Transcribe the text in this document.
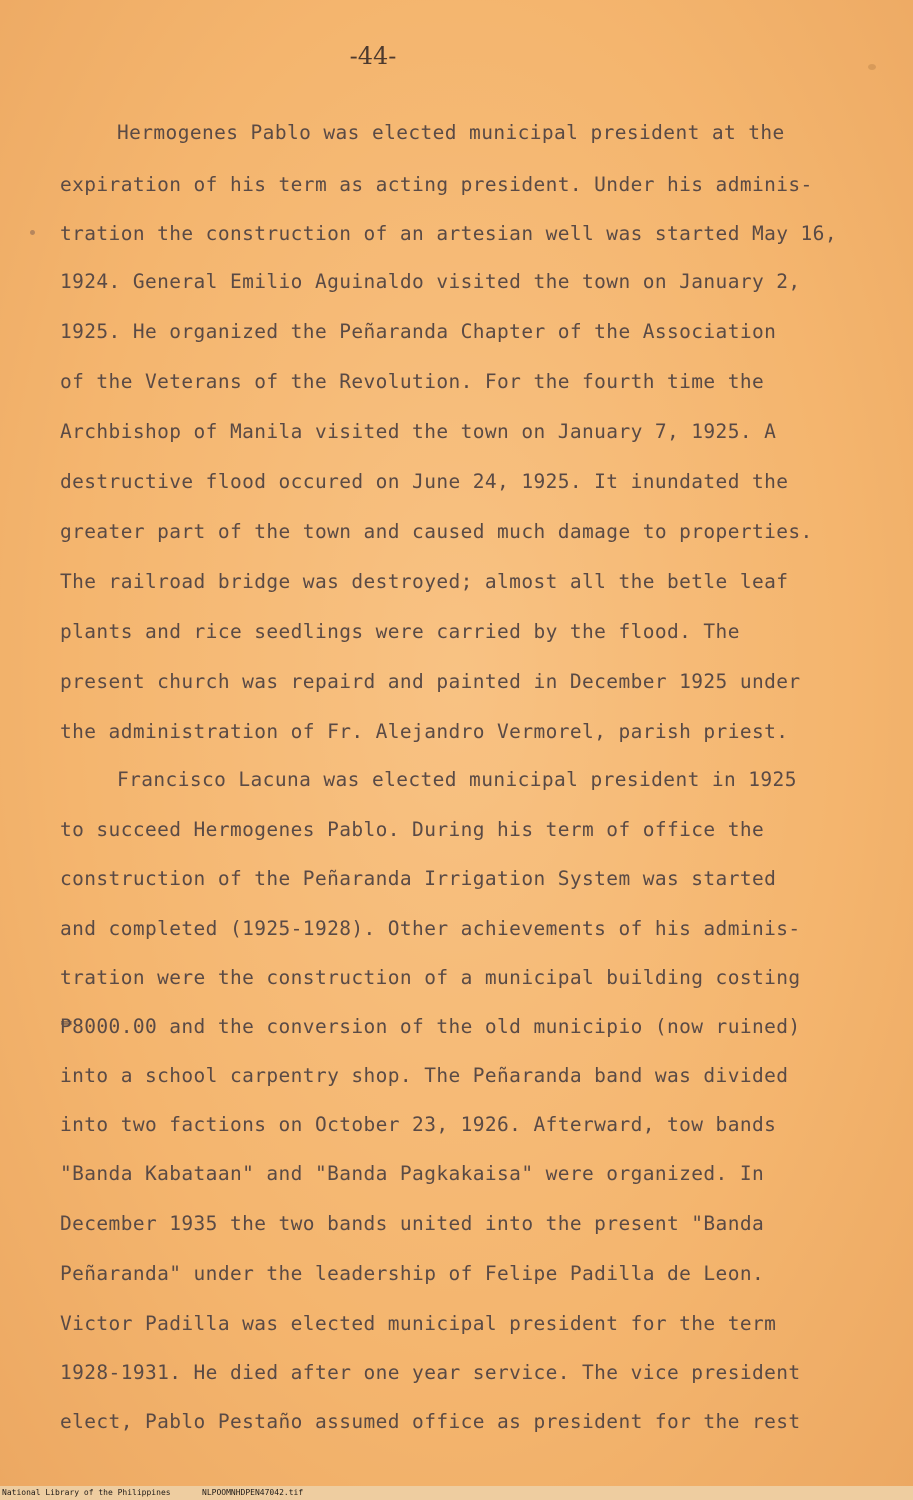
-44-
Hermogenes Pablo was elected municipal president at the
expiration of his term as acting president. Under his adminis-
tration the construction of an artesian well was started May 16,
1924. General Emilio Aguinaldo visited the town on January 2,
1925. He organized the Peñaranda Chapter of the Association
of the Veterans of the Revolution. For the fourth time the
Archbishop of Manila visited the town on January 7, 1925. A
destructive flood occured on June 24, 1925. It inundated the
greater part of the town and caused much damage to properties.
The railroad bridge was destroyed; almost all the betle leaf
plants and rice seedlings were carried by the flood. The
present church was repaird and painted in December 1925 under
the administration of Fr. Alejandro Vermorel, parish priest.
Francisco Lacuna was elected municipal president in 1925
to succeed Hermogenes Pablo. During his term of office the
construction of the Peñaranda Irrigation System was started
and completed (1925-1928). Other achievements of his adminis-
tration were the construction of a municipal building costing
₱8000.00 and the conversion of the old municipio (now ruined)
into a school carpentry shop. The Peñaranda band was divided
into two factions on October 23, 1926. Afterward, tow bands
"Banda Kabataan" and "Banda Pagkakaisa" were organized. In
December 1935 the two bands united into the present "Banda
Peñaranda" under the leadership of Felipe Padilla de Leon.
Victor Padilla was elected municipal president for the term
1928-1931. He died after one year service. The vice president
elect, Pablo Pestaño assumed office as president for the rest
National Library of the Philippines	NLPOOMNHDPEN47042.tif
